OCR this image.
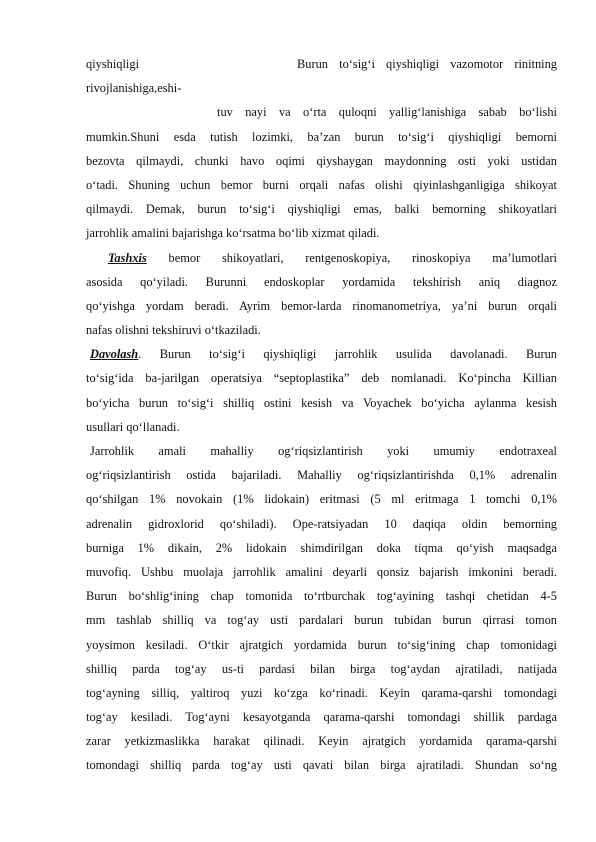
qiyshiqligi	Burun to‘sig‘i qiyshiqligi vazomotor rinitning
rivojlanishiga,eshi-
tuv nayi va o‘rta quloqni yallig‘lanishiga sabab bo‘lishi
mumkin.Shuni esda tutish lozimki, ba’zan burun to‘sig‘i qiyshiqligi bemorni
bezovta qilmaydi, chunki havo oqimi qiyshaygan maydonning osti yoki ustidan
o‘tadi. Shuning uchun bemor burni orqali nafas olishi qiyinlashganligiga shikoyat
qilmaydi. Demak, burun to‘sig‘i qiyshiqligi emas, balki bemorning shikoyatlari
jarrohlik amalini bajarishga ko‘rsatma bo‘lib xizmat qiladi.
Tashxis bemor shikoyatlari, rentgenoskopiya, rinoskopiya ma’lumotlari
asosida qo‘yiladi. Burunni endoskoplar yordamida tekshirish aniq diagnoz
qo‘yishga yordam beradi. Ayrim bemor-larda rinomanometriya, ya’ni burun orqali
nafas olishni tekshiruvi o‘tkaziladi.
Davolash. Burun to‘sig‘i qiyshiqligi jarrohlik usulida davolanadi. Burun
to‘sig‘ida ba-jarilgan operatsiya “septoplastika” deb nomlanadi. Ko‘pincha Killian
bo‘yicha burun to‘sig‘i shilliq ostini kesish va Voyachek bo‘yicha aylanma kesish
usullari qo‘llanadi.
Jarrohlik amali mahalliy og‘riqsizlantirish yoki umumiy endotraxeal
og‘riqsizlantirish ostida bajariladi. Mahalliy og‘riqsizlantirishda 0,1% adrenalin
qo‘shilgan 1% novokain (1% lidokain) eritmasi (5 ml eritmaga 1 tomchi 0,1%
adrenalin gidroxlorid qo‘shiladi). Ope-ratsiyadan 10 daqiqa oldin bemorning
burniga 1% dikain, 2% lidokain shimdirilgan doka tiqma qo‘yish maqsadga
muvofiq. Ushbu muolaja jarrohlik amalini deyarli qonsiz bajarish imkonini beradi.
Burun bo‘shlig‘ining chap tomonida to‘rtburchak tog‘ayining tashqi chetidan 4-5
mm tashlab shilliq va tog‘ay usti pardalari burun tubidan burun qirrasi tomon
yoysimon kesiladi. O‘tkir ajratgich yordamida burun to‘sig‘ining chap tomonidagi
shilliq parda tog‘ay us-ti pardasi bilan birga tog‘aydan ajratiladi, natijada
tog‘ayning silliq, yaltiroq yuzi ko‘zga ko‘rinadi. Keyin qarama-qarshi tomondagi
tog‘ay kesiladi. Tog‘ayni kesayotganda qarama-qarshi tomondagi shillik pardaga
zarar yetkizmaslikka harakat qilinadi. Keyin ajratgich yordamida qarama-qarshi
tomondagi shilliq parda tog‘ay usti qavati bilan birga ajratiladi. Shundan so‘ng
